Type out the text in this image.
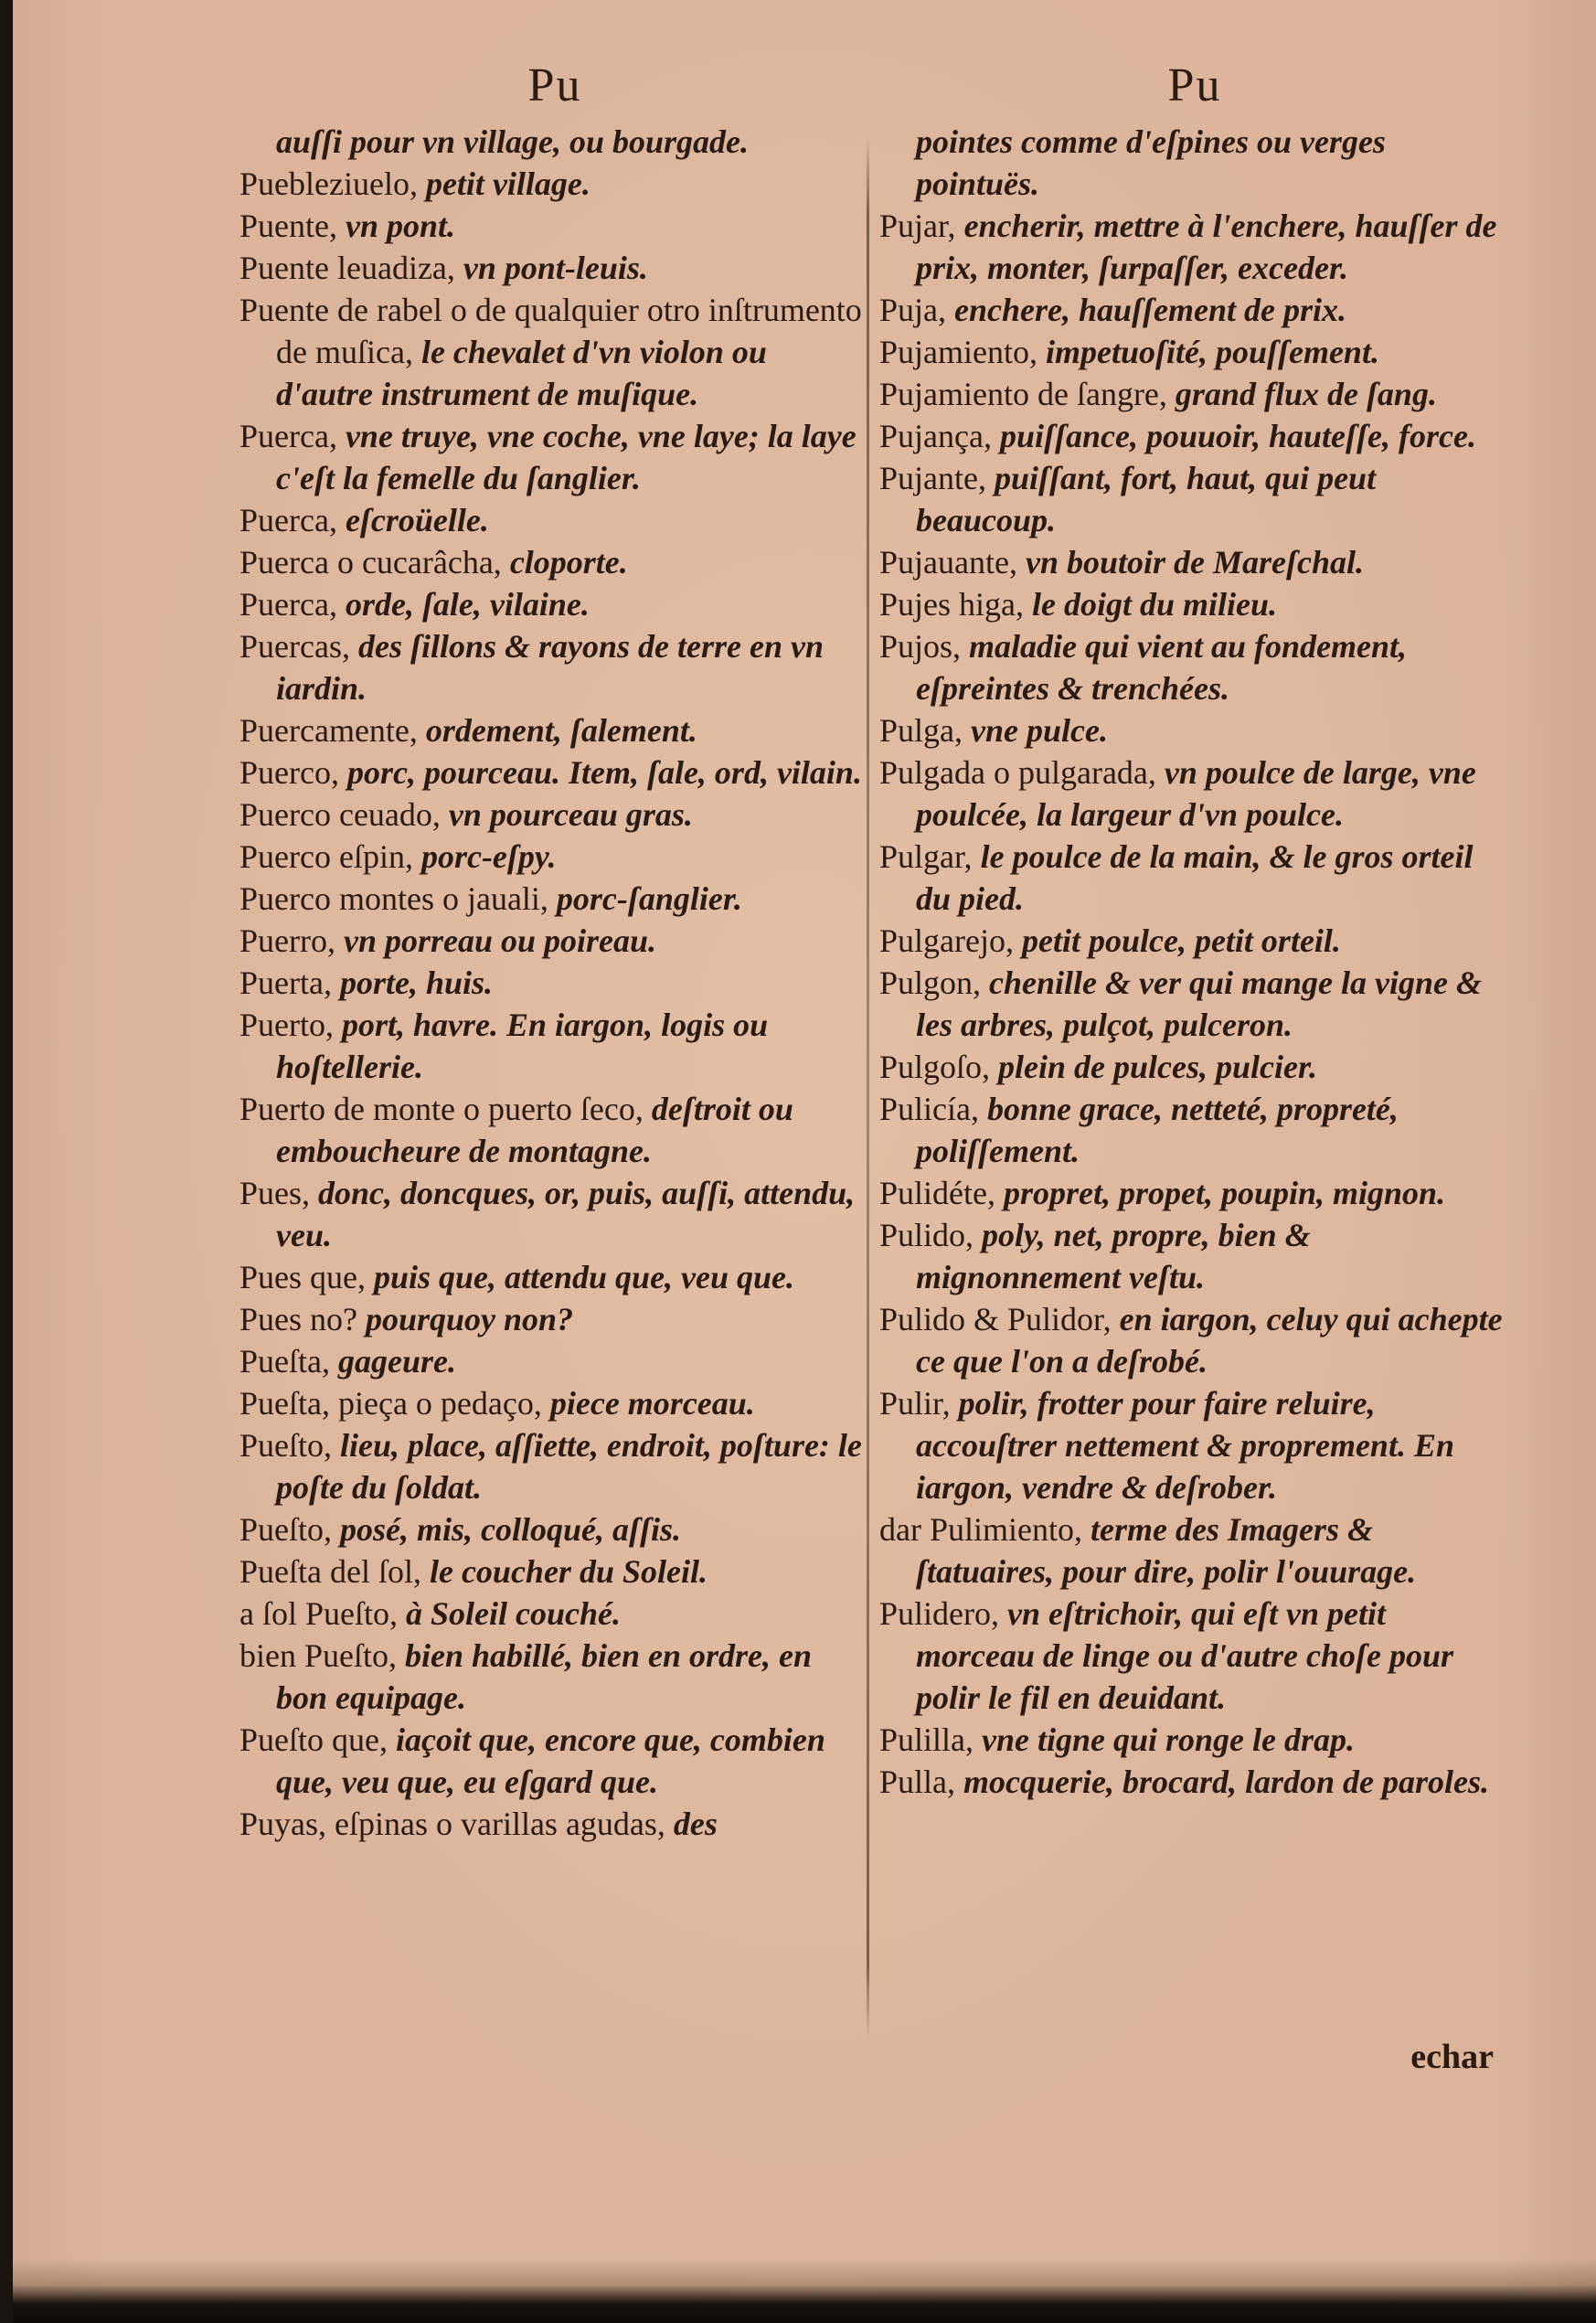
Pu

auſſi pour vn village, ou bourgade.

Puebleziuelo, petit village.

Puente, vn pont.

Puente leuadiza, vn pont-leuis.

Puente de rabel o de qualquier otro inſtrumento de muſica, le chevalet d'vn violon ou d'autre instrument de muſique.

Puerca, vne truye, vne coche, vne laye; la laye c'eſt la femelle du ſanglier.

Puerca, eſcroüelle.

Puerca o cucarâcha, cloporte.

Puerca, orde, ſale, vilaine.

Puercas, des ſillons & rayons de terre en vn iardin.

Puercamente, ordement, ſalement.

Puerco, porc, pourceau. Item, ſale, ord, vilain.

Puerco ceuado, vn pourceau gras.

Puerco eſpin, porc-eſpy.

Puerco montes o jauali, porc-ſanglier.

Puerro, vn porreau ou poireau.

Puerta, porte, huis.

Puerto, port, havre. En iargon, logis ou hoſtellerie.

Puerto de monte o puerto ſeco, deſtroit ou emboucheure de montagne.

Pues, donc, doncques, or, puis, auſſi, attendu, veu.

Pues que, puis que, attendu que, veu que.

Pues no? pourquoy non?

Pueſta, gageure.

Pueſta, pieça o pedaço, piece morceau.

Pueſto, lieu, place, aſſiette, endroit, poſture: le poſte du ſoldat.

Pueſto, posé, mis, colloqué, aſſis.

Pueſta del ſol, le coucher du Soleil.

a ſol Pueſto, à Soleil couché.

bien Pueſto, bien habillé, bien en ordre, en bon equipage.

Pueſto que, iaçoit que, encore que, combien que, veu que, eu eſgard que.

Puyas, eſpinas o varillas agudas, des

Pu

pointes comme d'eſpines ou verges pointuës.

Pujar, encherir, mettre à l'enchere, hauſſer de prix, monter, ſurpaſſer, exceder.

Puja, enchere, hauſſement de prix.

Pujamiento, impetuoſité, pouſſement.

Pujamiento de ſangre, grand flux de ſang.

Pujança, puiſſance, pouuoir, hauteſſe, force.

Pujante, puiſſant, fort, haut, qui peut beaucoup.

Pujauante, vn boutoir de Mareſchal.

Pujes higa, le doigt du milieu.

Pujos, maladie qui vient au fondement, eſpreintes & trenchées.

Pulga, vne pulce.

Pulgada o pulgarada, vn poulce de large, vne poulcée, la largeur d'vn poulce.

Pulgar, le poulce de la main, & le gros orteil du pied.

Pulgarejo, petit poulce, petit orteil.

Pulgon, chenille & ver qui mange la vigne & les arbres, pulçot, pulceron.

Pulgoſo, plein de pulces, pulcier.

Pulicía, bonne grace, netteté, propreté, poliſſement.

Pulidéte, propret, propet, poupin, mignon.

Pulido, poly, net, propre, bien & mignonnement veſtu.

Pulido & Pulidor, en iargon, celuy qui achepte ce que l'on a deſrobé.

Pulir, polir, frotter pour faire reluire, accouſtrer nettement & proprement. En iargon, vendre & deſrober.

dar Pulimiento, terme des Imagers & ſtatuaires, pour dire, polir l'ouurage.

Pulidero, vn eſtrichoir, qui eſt vn petit morceau de linge ou d'autre choſe pour polir le fil en deuidant.

Pulilla, vne tigne qui ronge le drap.

Pulla, mocquerie, brocard, lardon de paroles.

echar
